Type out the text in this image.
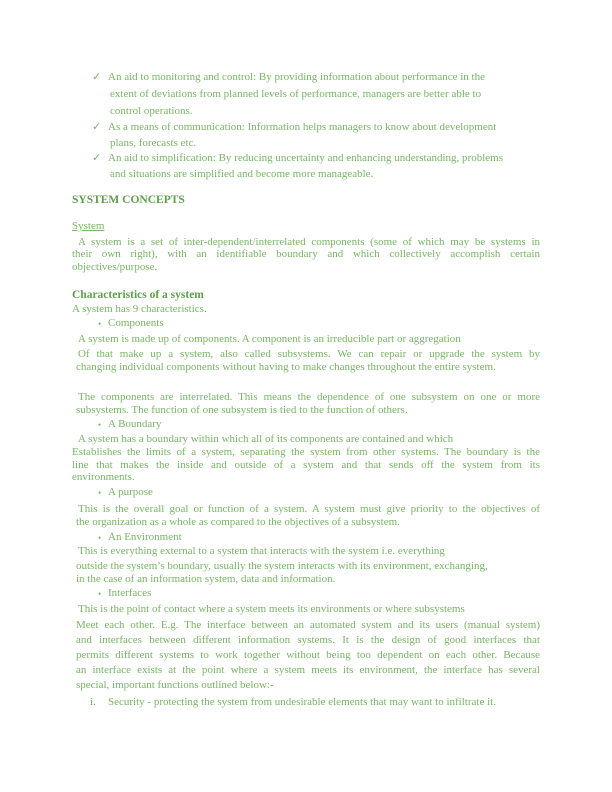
✓ An aid to monitoring and control: By providing information about performance in the
extent of deviations from planned levels of performance, managers are better able to
control operations.
✓ As a means of communication: Information helps managers to know about development
plans, forecasts etc.
✓ An aid to simplification: By reducing uncertainty and enhancing understanding, problems
and situations are simplified and become more manageable.
SYSTEM CONCEPTS
System
A system is a set of inter-dependent/interrelated components (some of which may be systems in
their own right), with an identifiable boundary and which collectively accomplish certain
objectives/purpose.
Characteristics of a system
A system has 9 characteristics.
• Components
A system is made up of components. A component is an irreducible part or aggregation
Of that make up a system, also called subsystems. We can repair or upgrade the system by
changing individual components without having to make changes throughout the entire system.
The components are interrelated. This means the dependence of one subsystem on one or more
subsystems. The function of one subsystem is tied to the function of others.
• A Boundary
A system has a boundary within which all of its components are contained and which
Establishes the limits of a system, separating the system from other systems. The boundary is the
line that makes the inside and outside of a system and that sends off the system from its
environments.
• A purpose
This is the overall goal or function of a system. A system must give priority to the objectives of
the organization as a whole as compared to the objectives of a subsystem.
• An Environment
This is everything external to a system that interacts with the system i.e. everything
outside the system’s boundary, usually the system interacts with its environment, exchanging,
in the case of an information system, data and information.
• Interfaces
This is the point of contact where a system meets its environments or where subsystems
Meet each other. E.g. The interface between an automated system and its users (manual system)
and interfaces between different information systems. It is the design of good interfaces that
permits different systems to work together without being too dependent on each other. Because
an interface exists at the point where a system meets its environment, the interface has several
special, important functions outlined below:-
i. Security - protecting the system from undesirable elements that may want to infiltrate it.
